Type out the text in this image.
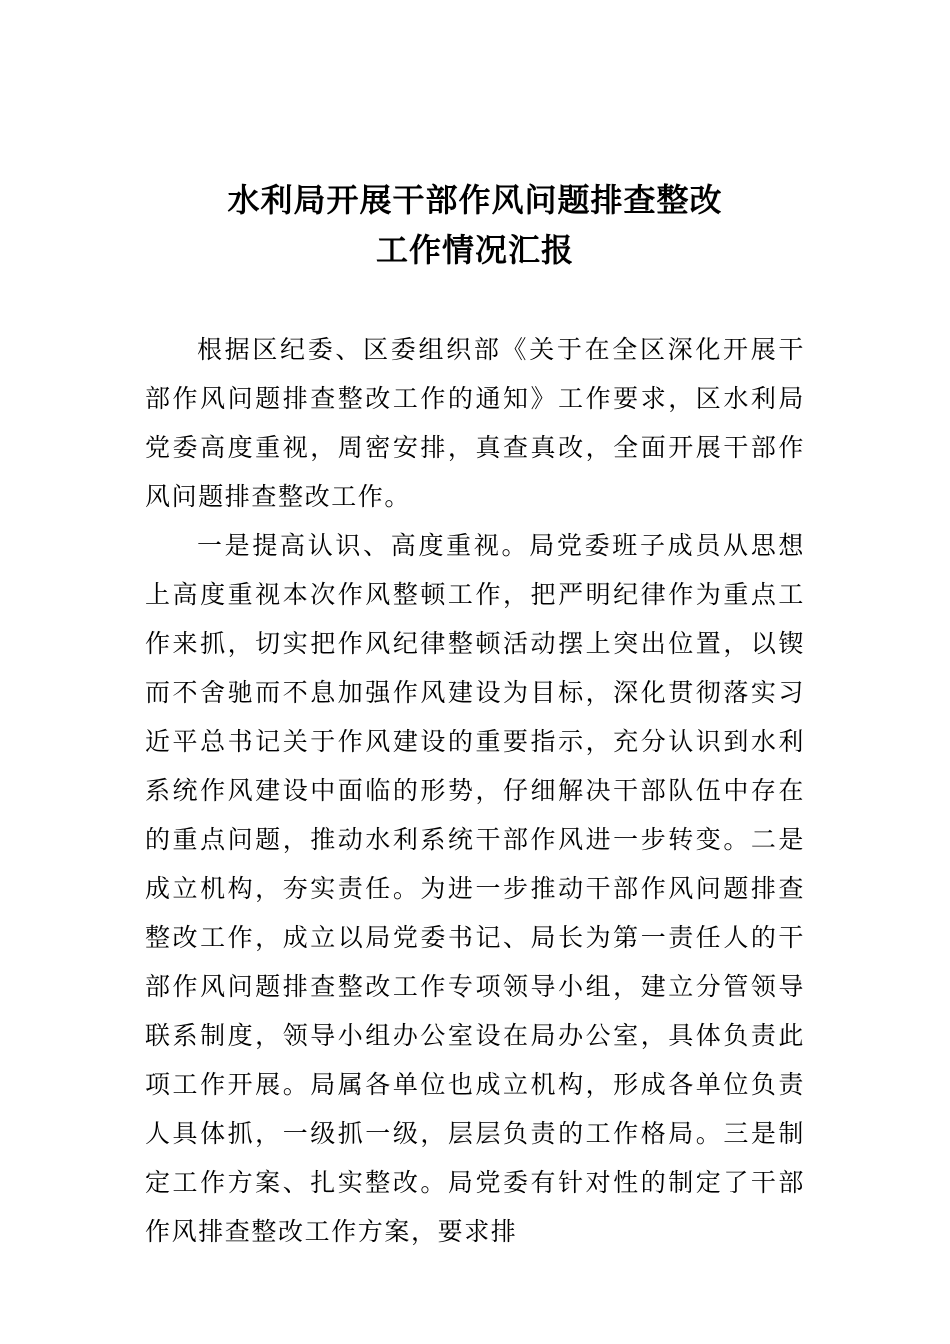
水利局开展干部作风问题排查整改
工作情况汇报

根据区纪委、区委组织部《关于在全区深化开展干部作风问题排查整改工作的通知》工作要求，区水利局党委高度重视，周密安排，真查真改，全面开展干部作风问题排查整改工作。

一是提高认识、高度重视。局党委班子成员从思想上高度重视本次作风整顿工作，把严明纪律作为重点工作来抓，切实把作风纪律整顿活动摆上突出位置，以锲而不舍驰而不息加强作风建设为目标，深化贯彻落实习近平总书记关于作风建设的重要指示，充分认识到水利系统作风建设中面临的形势，仔细解决干部队伍中存在的重点问题，推动水利系统干部作风进一步转变。二是成立机构，夯实责任。为进一步推动干部作风问题排查整改工作，成立以局党委书记、局长为第一责任人的干部作风问题排查整改工作专项领导小组，建立分管领导联系制度，领导小组办公室设在局办公室，具体负责此项工作开展。局属各单位也成立机构，形成各单位负责人具体抓，一级抓一级，层层负责的工作格局。三是制定工作方案、扎实整改。局党委有针对性的制定了干部作风排查整改工作方案，要求排
